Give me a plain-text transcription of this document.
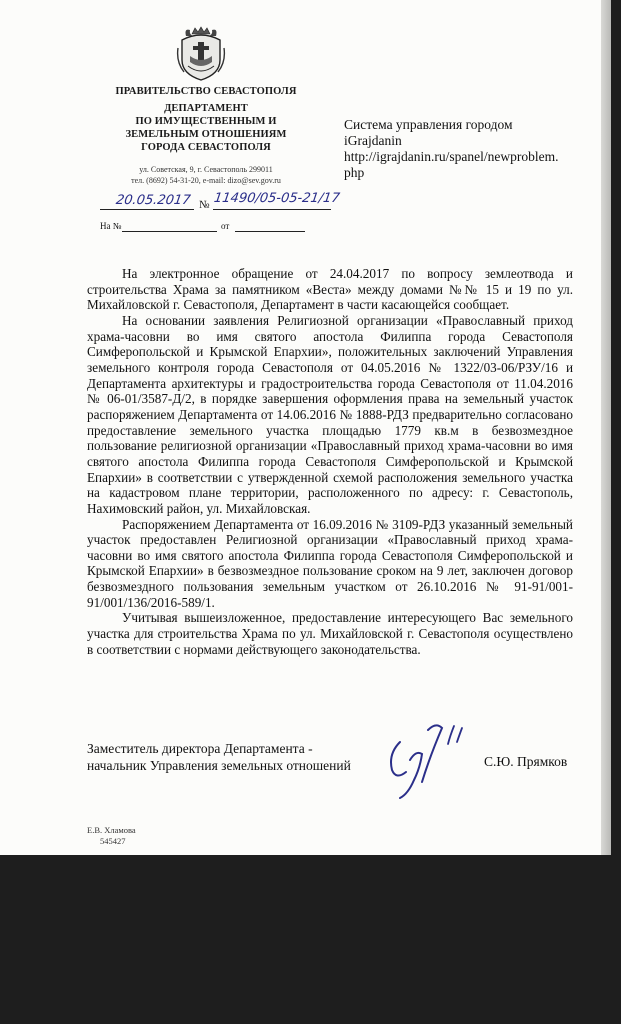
ПРАВИТЕЛЬСТВО СЕВАСТОПОЛЯ
ДЕПАРТАМЕНТ
ПО ИМУЩЕСТВЕННЫМ И
ЗЕМЕЛЬНЫМ ОТНОШЕНИЯМ
ГОРОДА СЕВАСТОПОЛЯ
ул. Советская, 9, г. Севастополь 299011
тел. (8692) 54-31-20, e-mail: dizo@sev.gov.ru
20.05.2017 № 11490/05-05-21/17
На №	от
Система управления городом
iGrajdanin
http://igrajdanin.ru/spanel/newproblem.
php

На электронное обращение от 24.04.2017 по вопросу землеотвода и строительства Храма за памятником «Веста» между домами №№ 15 и 19 по ул. Михайловской г. Севастополя, Департамент в части касающейся сообщает.

На основании заявления Религиозной организации «Православный приход храма-часовни во имя святого апостола Филиппа города Севастополя Симферопольской и Крымской Епархии», положительных заключений Управления земельного контроля города Севастополя от 04.05.2016 № 1322/03-06/РЗУ/16 и Департамента архитектуры и градостроительства города Севастополя от 11.04.2016 № 06-01/3587-Д/2, в порядке завершения оформления права на земельный участок распоряжением Департамента от 14.06.2016 № 1888-РДЗ предварительно согласовано предоставление земельного участка площадью 1779 кв.м в безвозмездное пользование религиозной организации «Православный приход храма-часовни во имя святого апостола Филиппа города Севастополя Симферопольской и Крымской Епархии» в соответствии с утвержденной схемой расположения земельного участка на кадастровом плане территории, расположенного по адресу: г. Севастополь, Нахимовский район, ул. Михайловская.

Распоряжением Департамента от 16.09.2016 № 3109-РДЗ указанный земельный участок предоставлен Религиозной организации «Православный приход храма-часовни во имя святого апостола Филиппа города Севастополя Симферопольской и Крымской Епархии» в безвозмездное пользование сроком на 9 лет, заключен договор безвозмездного пользования земельным участком от 26.10.2016 № 91-91/001-91/001/136/2016-589/1.

Учитывая вышеизложенное, предоставление интересующего Вас земельного участка для строительства Храма по ул. Михайловской г. Севастополя осуществлено в соответствии с нормами действующего законодательства.

Заместитель директора Департамента -
начальник Управления земельных отношений	С.Ю. Прямков
Е.В. Хламова
545427
